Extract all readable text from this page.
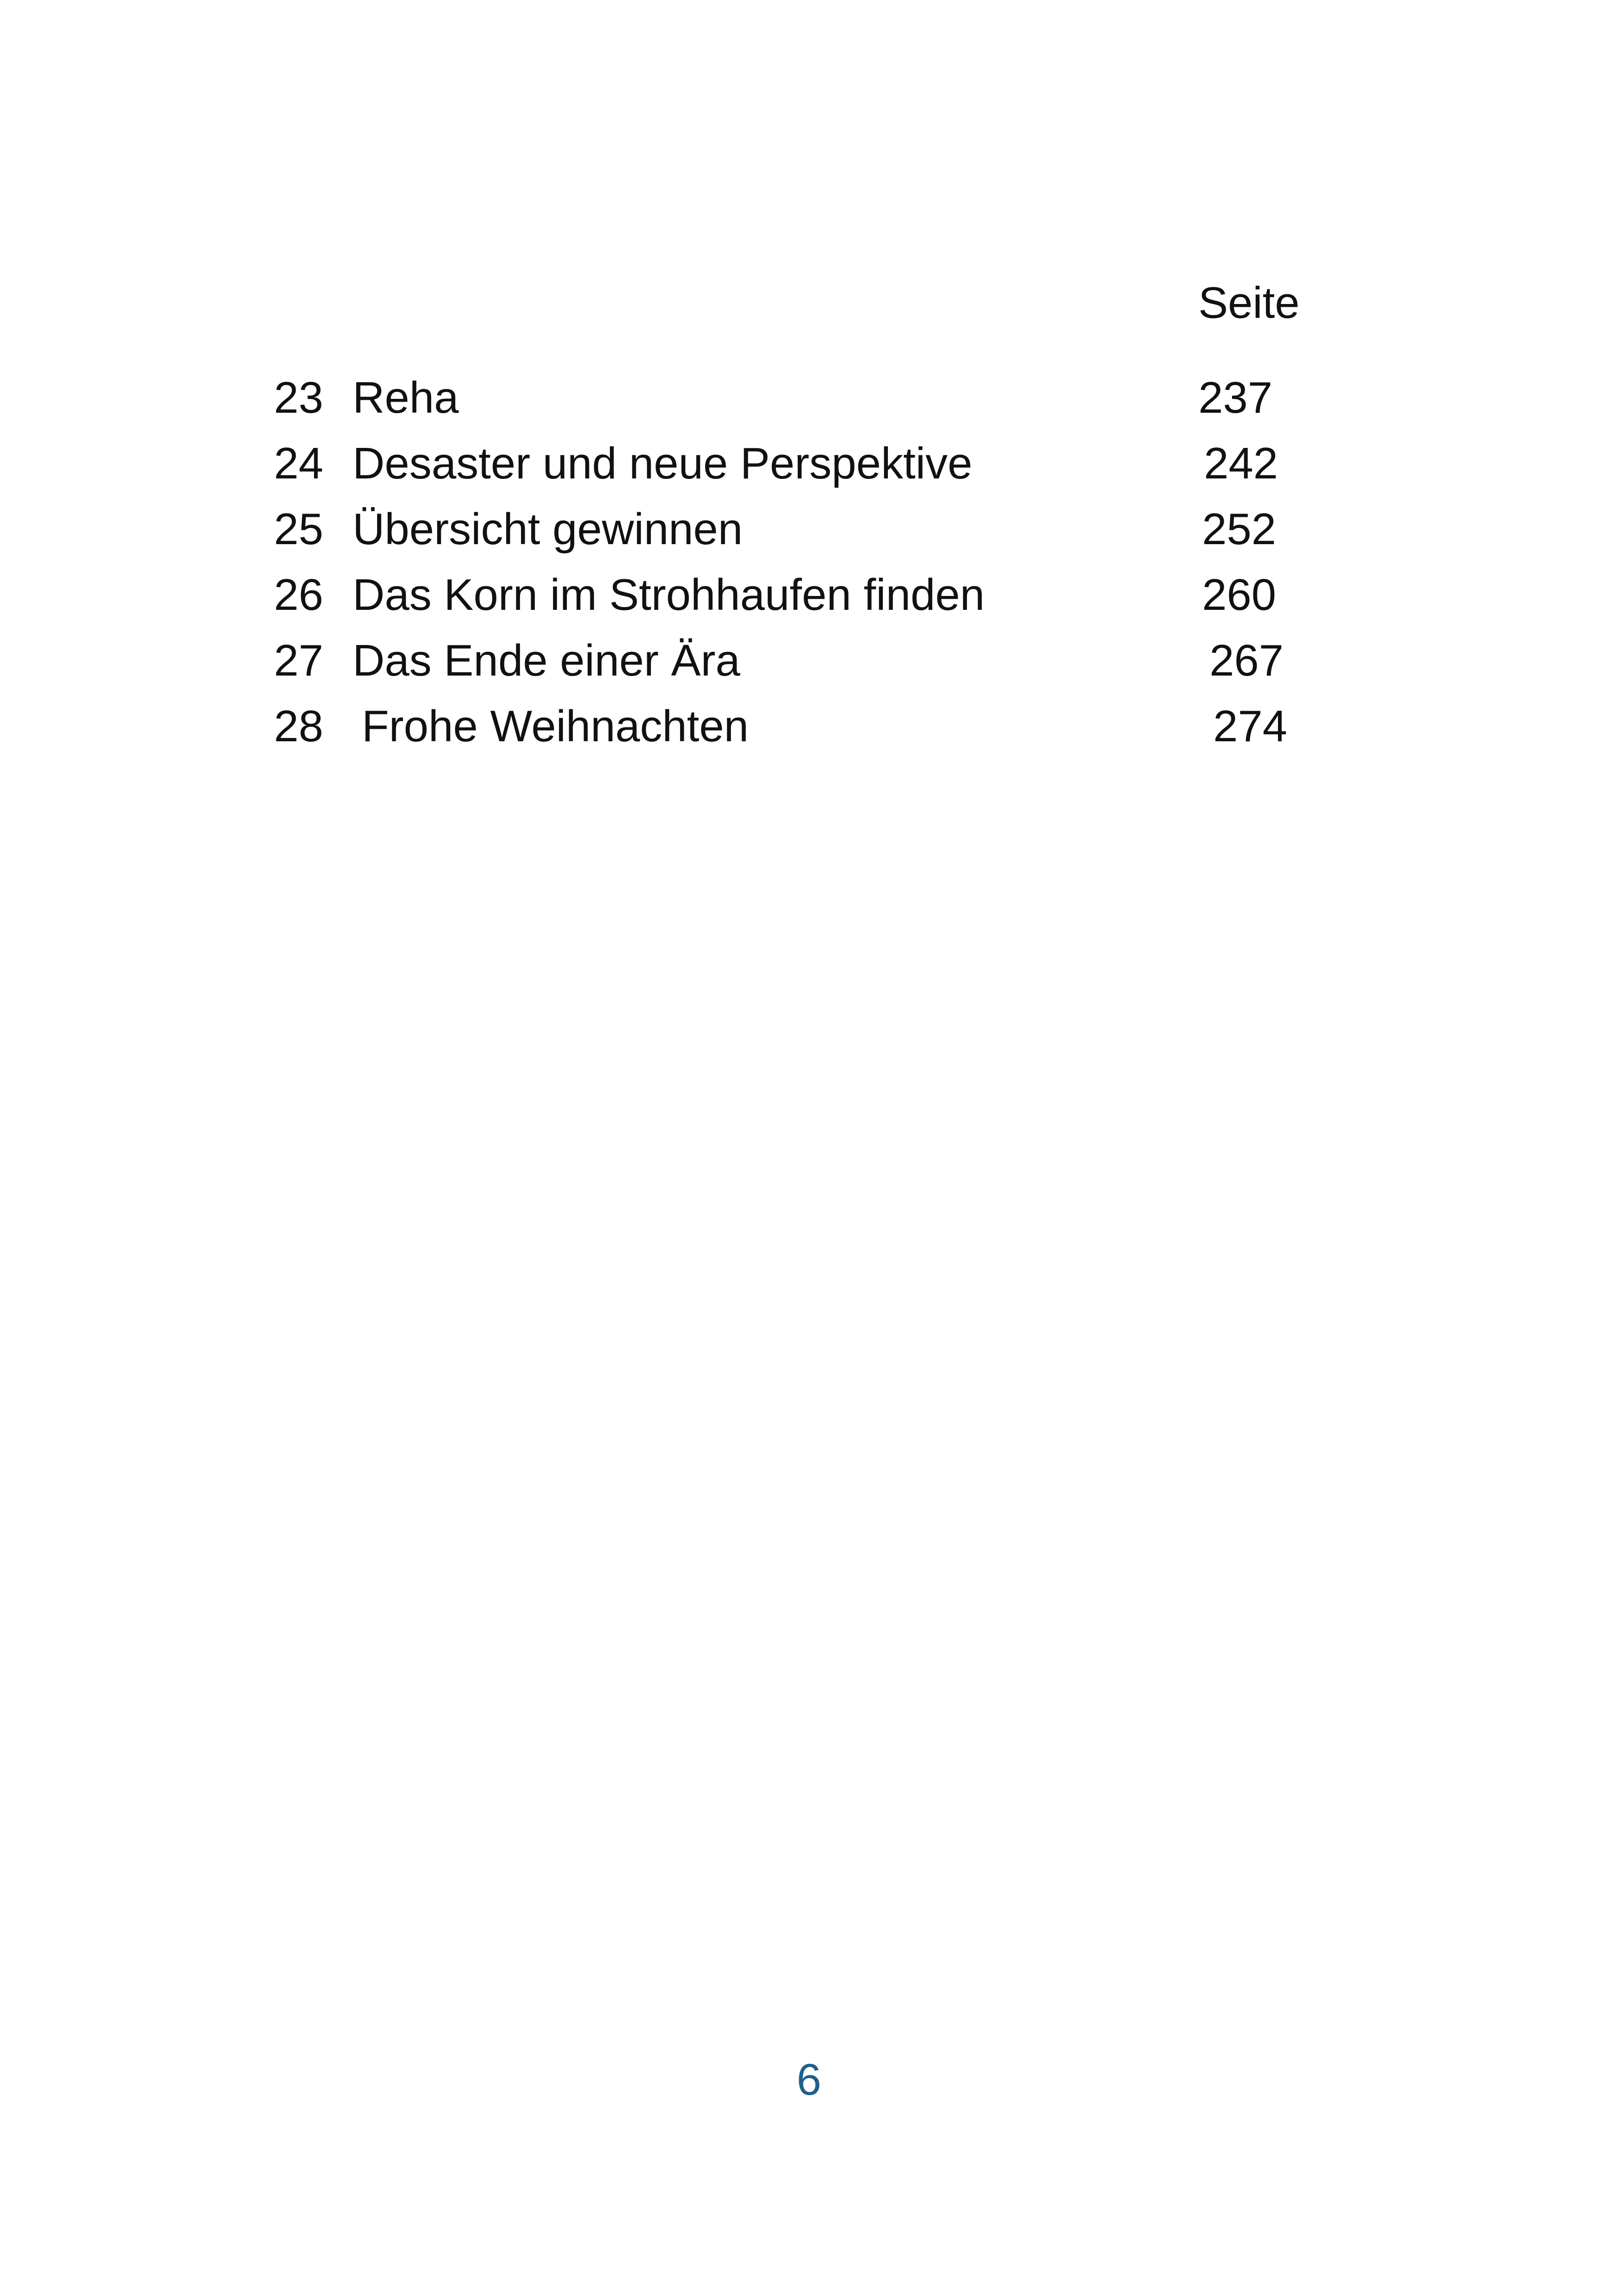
Seite
23 Reha	237
24 Desaster und neue Perspektive	242
25 Übersicht gewinnen	252
26 Das Korn im Strohhaufen finden	260
27 Das Ende einer Ära	267
28 Frohe Weihnachten	274
6
